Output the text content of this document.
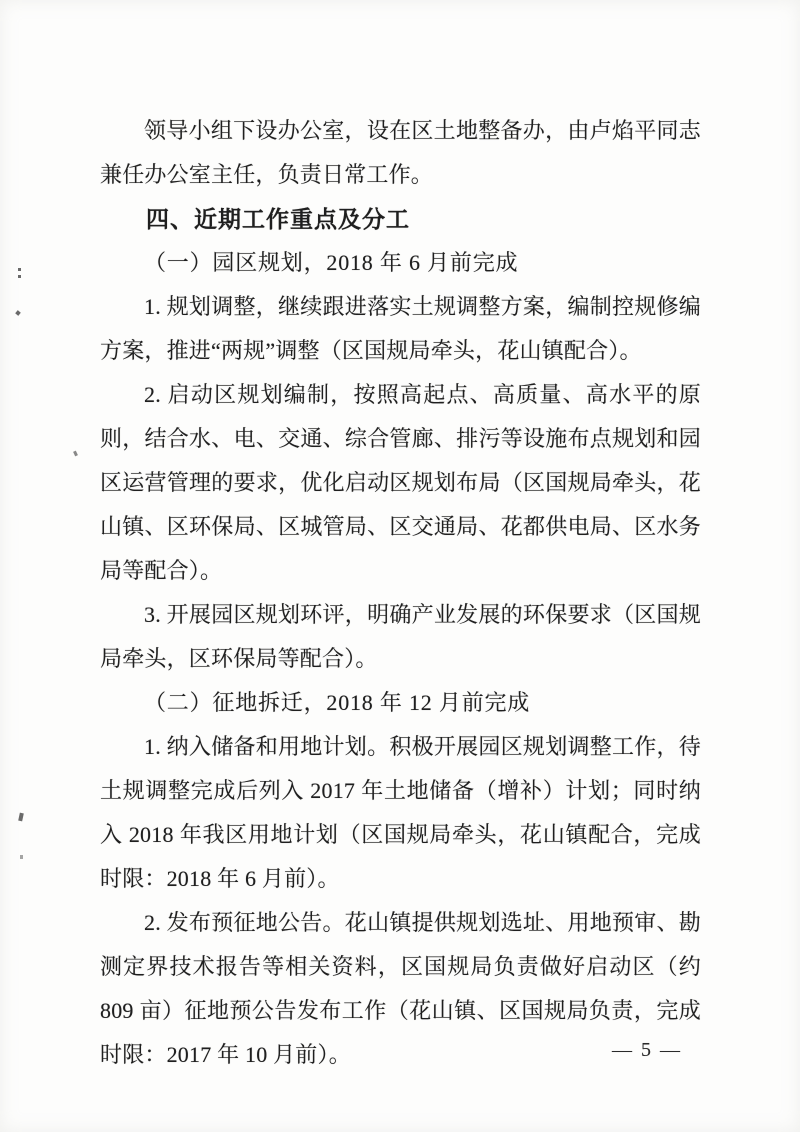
领导小组下设办公室，设在区土地整备办，由卢焰平同志兼任办公室主任，负责日常工作。

四、近期工作重点及分工

（一）园区规划，2018 年 6 月前完成

1. 规划调整，继续跟进落实土规调整方案，编制控规修编方案，推进“两规”调整（区国规局牵头，花山镇配合）。

2. 启动区规划编制，按照高起点、高质量、高水平的原则，结合水、电、交通、综合管廊、排污等设施布点规划和园区运营管理的要求，优化启动区规划布局（区国规局牵头，花山镇、区环保局、区城管局、区交通局、花都供电局、区水务局等配合）。

3. 开展园区规划环评，明确产业发展的环保要求（区国规局牵头，区环保局等配合）。

（二）征地拆迁，2018 年 12 月前完成

1. 纳入储备和用地计划。积极开展园区规划调整工作，待土规调整完成后列入 2017 年土地储备（增补）计划；同时纳入 2018 年我区用地计划（区国规局牵头，花山镇配合，完成时限：2018 年 6 月前）。

2. 发布预征地公告。花山镇提供规划选址、用地预审、勘测定界技术报告等相关资料，区国规局负责做好启动区（约 809 亩）征地预公告发布工作（花山镇、区国规局负责，完成时限：2017 年 10 月前）。	— 5 —
